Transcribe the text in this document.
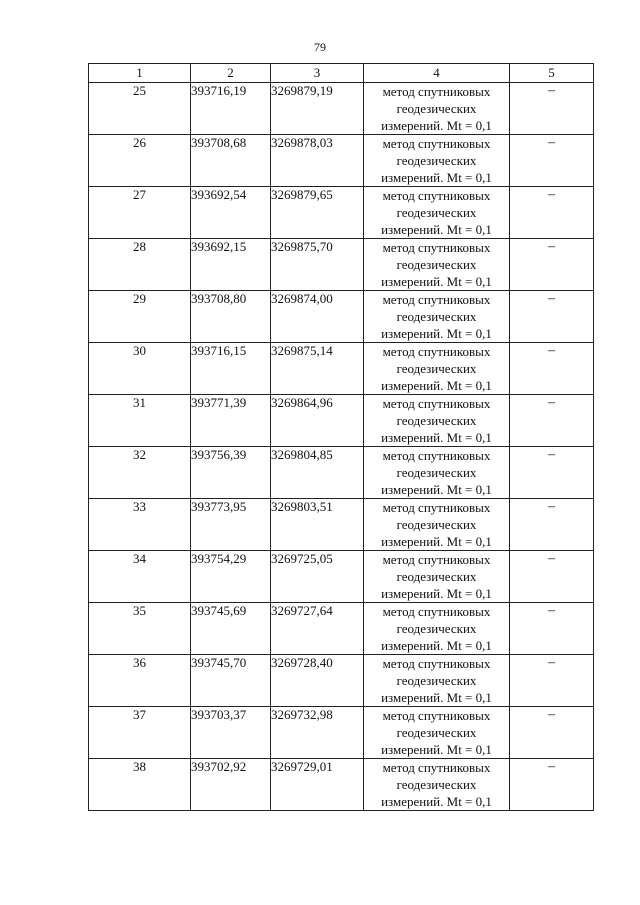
79
1	2	3	4	5
25	393716,19	3269879,19	метод спутниковых
геодезических
измерений. Mt = 0,1	–
26	393708,68	3269878,03	метод спутниковых
геодезических
измерений. Mt = 0,1	–
27	393692,54	3269879,65	метод спутниковых
геодезических
измерений. Mt = 0,1	–
28	393692,15	3269875,70	метод спутниковых
геодезических
измерений. Mt = 0,1	–
29	393708,80	3269874,00	метод спутниковых
геодезических
измерений. Mt = 0,1	–
30	393716,15	3269875,14	метод спутниковых
геодезических
измерений. Mt = 0,1	–
31	393771,39	3269864,96	метод спутниковых
геодезических
измерений. Mt = 0,1	–
32	393756,39	3269804,85	метод спутниковых
геодезических
измерений. Mt = 0,1	–
33	393773,95	3269803,51	метод спутниковых
геодезических
измерений. Mt = 0,1	–
34	393754,29	3269725,05	метод спутниковых
геодезических
измерений. Mt = 0,1	–
35	393745,69	3269727,64	метод спутниковых
геодезических
измерений. Mt = 0,1	–
36	393745,70	3269728,40	метод спутниковых
геодезических
измерений. Mt = 0,1	–
37	393703,37	3269732,98	метод спутниковых
геодезических
измерений. Mt = 0,1	–
38	393702,92	3269729,01	метод спутниковых
геодезических
измерений. Mt = 0,1	–
